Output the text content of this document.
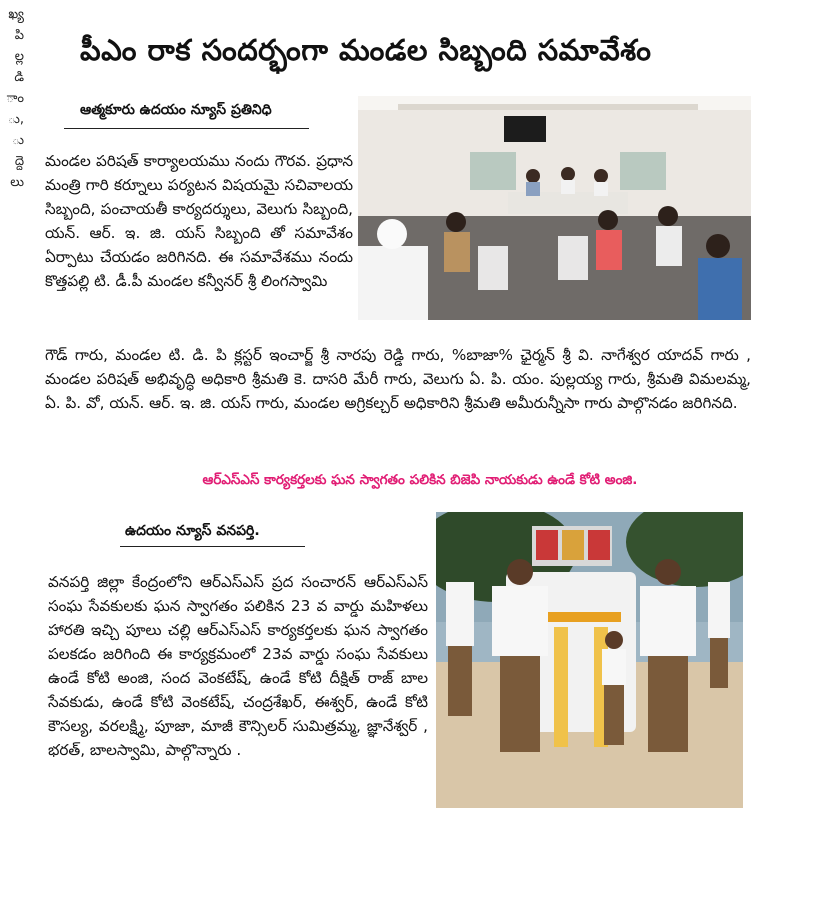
ఖ్య
పి
ల్ల
డి
ాం
ు,
ు
ద్దె
లు
పీఎం రాక సందర్భంగా మండల సిబ్బంది సమావేశం
ఆత్మకూరు ఉదయం న్యూస్ ప్రతినిధి
మండల పరిషత్ కార్యాలయము నందు గౌరవ. ప్రధాన మంత్రి గారి కర్నూలు పర్యటన విషయమై సచివాలయ సిబ్బంది, పంచాయతీ కార్యదర్శులు, వెలుగు సిబ్బంది, యన్. ఆర్. ఇ. జి. యస్ సిబ్బంది తో సమావేశం ఏర్పాటు చేయడం జరిగినది. ఈ సమావేశము నందు కొత్తపల్లి టి. డీ.పీ మండల కన్వీనర్ శ్రీ లింగస్వామి
గౌడ్ గారు, మండల టి. డి. పి క్లస్టర్ ఇంచార్జ్ శ్రీ నారపు రెడ్డి గారు, %బాజా% ఛైర్మన్ శ్రీ వి. నాగేశ్వర యాదవ్ గారు , మండల పరిషత్ అభివృద్ధి అధికారి శ్రీమతి కె. దాసరి మేరీ గారు, వెలుగు ఏ. పి. యం. పుల్లయ్య గారు, శ్రీమతి విమలమ్మ, ఏ. పి. వో, యన్. ఆర్. ఇ. జి. యస్ గారు, మండల అగ్రికల్చర్ అధికారిని శ్రీమతి అమీరున్నీసా గారు పాల్గొనడం జరిగినది.
ఆర్ఎస్ఎస్ కార్యకర్తలకు ఘన స్వాగతం పలికిన బిజెపి నాయకుడు ఉండే కోటి అంజి.
ఉదయం న్యూస్ వనపర్తి.
వనపర్తి జిల్లా కేంద్రంలోని ఆర్ఎస్ఎస్ ప్రద సంచారన్ ఆర్ఎస్ఎస్ సంఘ సేవకులకు ఘన స్వాగతం పలికిన 23 వ వార్డు మహిళలు హారతి ఇచ్చి పూలు చల్లి ఆర్ఎస్ఎస్ కార్యకర్తలకు ఘన స్వాగతం పలకడం జరిగింది ఈ కార్యక్రమంలో 23వ వార్డు సంఘ సేవకులు ఉండే కోటి అంజి, సంద వెంకటేష్, ఉండే కోటి దీక్షిత్ రాజ్ బాల సేవకుడు, ఉండే కోటి వెంకటేష్, చంద్రశేఖర్, ఈశ్వర్, ఉండే కోటి కౌసల్య, వరలక్ష్మి, పూజా, మాజీ కౌన్సిలర్ సుమిత్రమ్మ, జ్ఞానేశ్వర్ , భరత్, బాలస్వామి, పాల్గొన్నారు .
